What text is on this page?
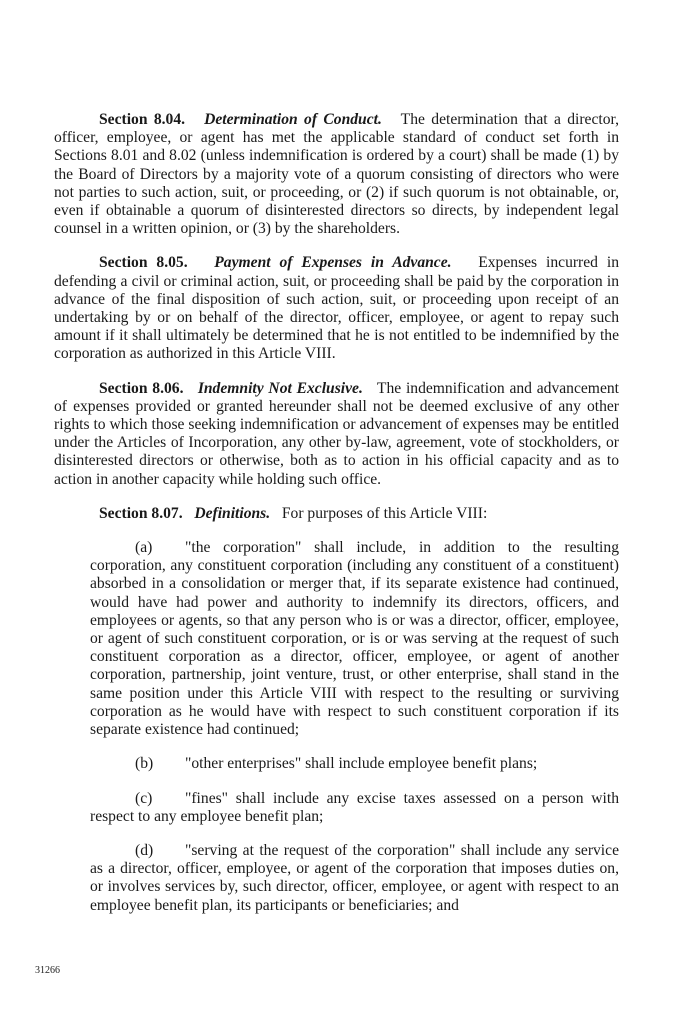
Section 8.04. Determination of Conduct. The determination that a director, officer, employee, or agent has met the applicable standard of conduct set forth in Sections 8.01 and 8.02 (unless indemnification is ordered by a court) shall be made (1) by the Board of Directors by a majority vote of a quorum consisting of directors who were not parties to such action, suit, or proceeding, or (2) if such quorum is not obtainable, or, even if obtainable a quorum of disinterested directors so directs, by independent legal counsel in a written opinion, or (3) by the shareholders.

Section 8.05. Payment of Expenses in Advance. Expenses incurred in defending a civil or criminal action, suit, or proceeding shall be paid by the corporation in advance of the final disposition of such action, suit, or proceeding upon receipt of an undertaking by or on behalf of the director, officer, employee, or agent to repay such amount if it shall ultimately be determined that he is not entitled to be indemnified by the corporation as authorized in this Article VIII.

Section 8.06. Indemnity Not Exclusive. The indemnification and advancement of expenses provided or granted hereunder shall not be deemed exclusive of any other rights to which those seeking indemnification or advancement of expenses may be entitled under the Articles of Incorporation, any other by-law, agreement, vote of stockholders, or disinterested directors or otherwise, both as to action in his official capacity and as to action in another capacity while holding such office.

Section 8.07. Definitions. For purposes of this Article VIII:

(a) "the corporation" shall include, in addition to the resulting corporation, any constituent corporation (including any constituent of a constituent) absorbed in a consolidation or merger that, if its separate existence had continued, would have had power and authority to indemnify its directors, officers, and employees or agents, so that any person who is or was a director, officer, employee, or agent of such constituent corporation, or is or was serving at the request of such constituent corporation as a director, officer, employee, or agent of another corporation, partnership, joint venture, trust, or other enterprise, shall stand in the same position under this Article VIII with respect to the resulting or surviving corporation as he would have with respect to such constituent corporation if its separate existence had continued;

(b) "other enterprises" shall include employee benefit plans;

(c) "fines" shall include any excise taxes assessed on a person with respect to any employee benefit plan;

(d) "serving at the request of the corporation" shall include any service as a director, officer, employee, or agent of the corporation that imposes duties on, or involves services by, such director, officer, employee, or agent with respect to an employee benefit plan, its participants or beneficiaries; and

31266
